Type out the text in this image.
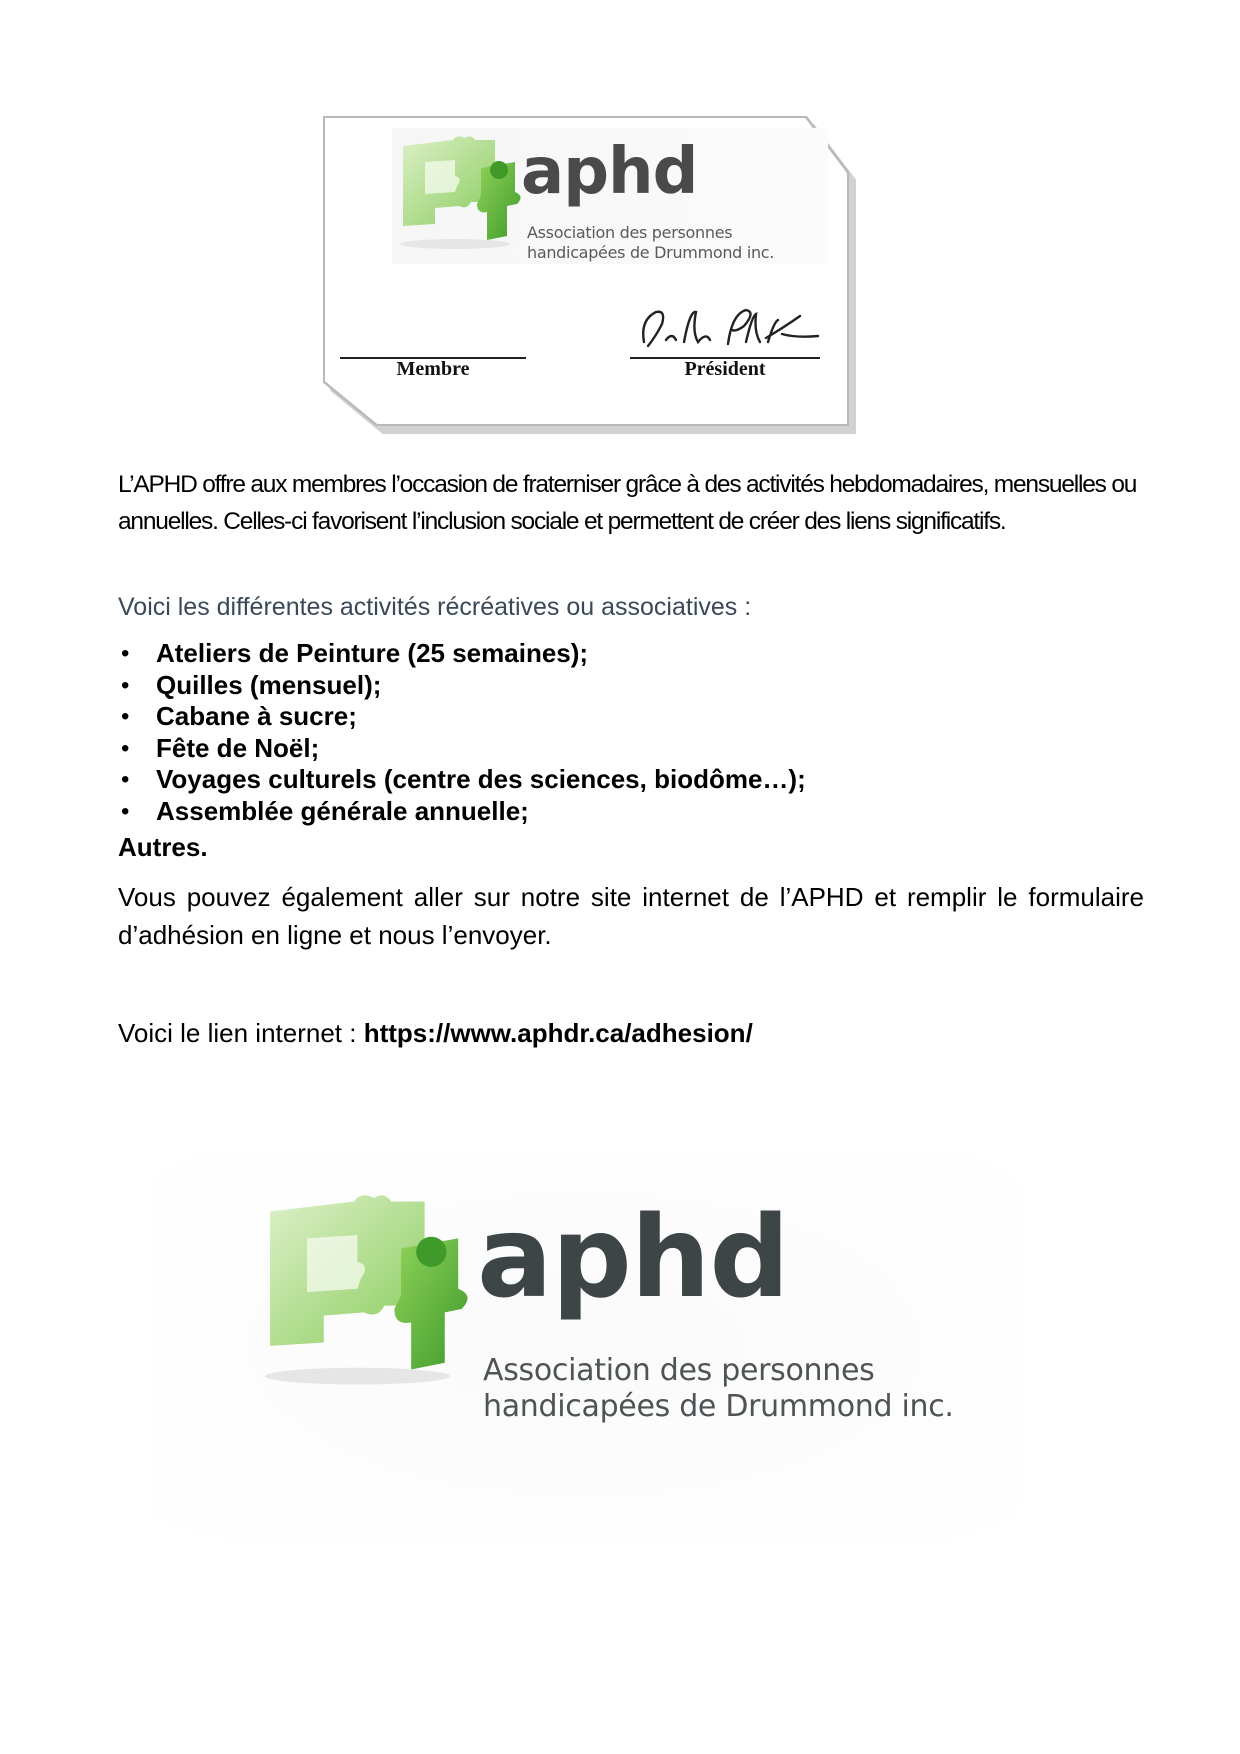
aphd
Association des personnes
handicapées de Drummond inc.
Membre	Président

L’APHD offre aux membres l’occasion de fraterniser grâce à des activités hebdomadaires, mensuelles ou annuelles. Celles-ci favorisent l’inclusion sociale et permettent de créer des liens significatifs.

Voici les différentes activités récréatives ou associatives :

• Ateliers de Peinture (25 semaines);
• Quilles (mensuel);
• Cabane à sucre;
• Fête de Noël;
• Voyages culturels (centre des sciences, biodôme…);
• Assemblée générale annuelle;

Autres.

Vous pouvez également aller sur notre site internet de l’APHD et remplir le formulaire d’adhésion en ligne et nous l’envoyer.

Voici le lien internet : https://www.aphdr.ca/adhesion/

aphd
Association des personnes
handicapées de Drummond inc.
